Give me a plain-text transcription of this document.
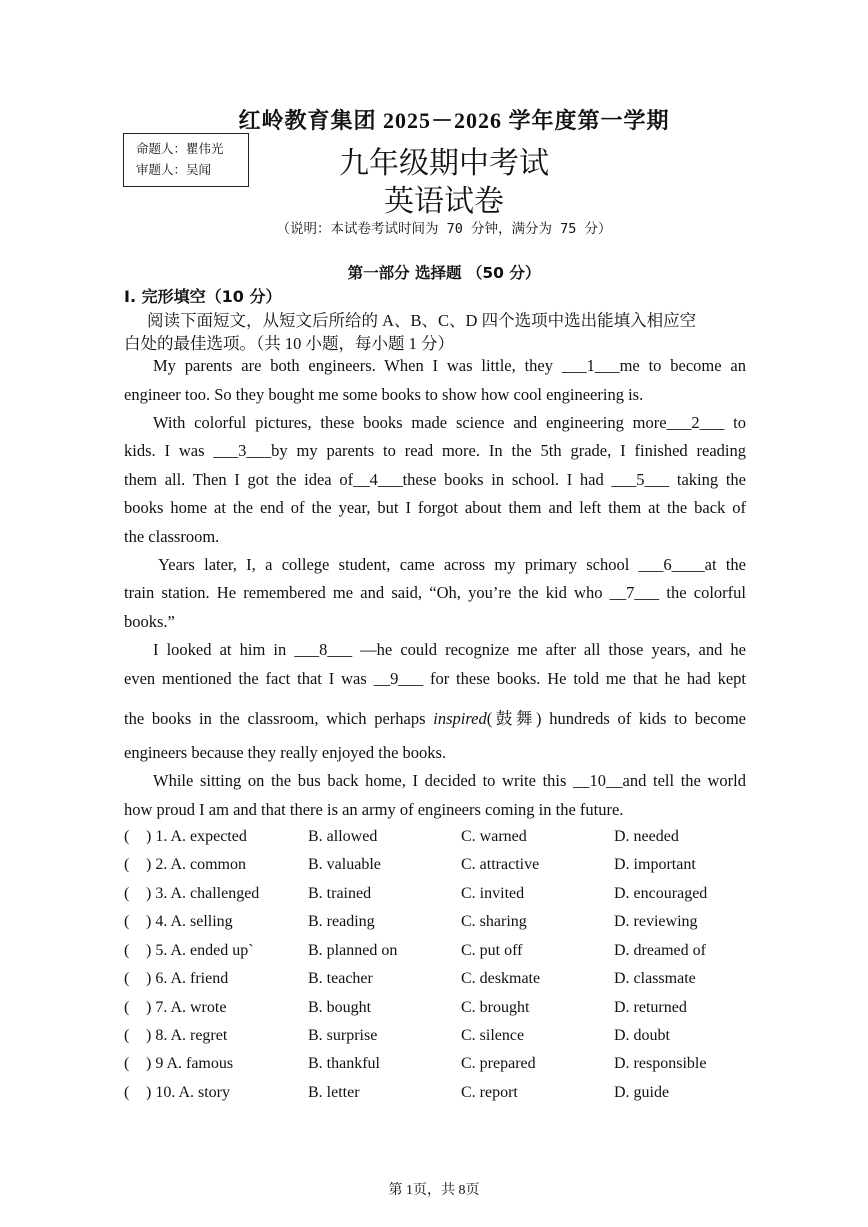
红岭教育集团 2025－2026 学年度第一学期
命题人：瞿伟光
审题人：吴闻	九年级期中考试
英语试卷
（说明：本试卷考试时间为 70 分钟，满分为 75 分）
第一部分 选择题 （50 分）
Ⅰ. 完形填空（10 分）
阅读下面短文，从短文后所给的 A、B、C、D 四个选项中选出能填入相应空
白处的最佳选项。（共 10 小题，每小题 1 分）
My parents are both engineers. When I was little, they ___1___me to become an
engineer too. So they bought me some books to show how cool engineering is.
With colorful pictures, these books made science and engineering more___2___ to
kids. I was ___3___by my parents to read more. In the 5th grade, I finished reading
them all. Then I got the idea of__4___these books in school. I had ___5___ taking the
books home at the end of the year, but I forgot about them and left them at the back of
the classroom.
Years later, I, a college student, came across my primary school ___6____at the
train station. He remembered me and said, “Oh, you’re the kid who __7___ the colorful
books.”
I looked at him in ___8___ —he could recognize me after all those years, and he
even mentioned the fact that I was __9___ for these books. He told me that he had kept
the books in the classroom, which perhaps inspired(鼓舞) hundreds of kids to become
engineers because they really enjoyed the books.
While sitting on the bus back home, I decided to write this __10__and tell the world
how proud I am and that there is an army of engineers coming in the future.
( ) 1. A. expected	B. allowed	C. warned	D. needed
( ) 2. A. common	B. valuable	C. attractive	D. important
( ) 3. A. challenged	B. trained	C. invited	D. encouraged
( ) 4. A. selling	B. reading	C. sharing	D. reviewing
( ) 5. A. ended up`	B. planned on	C. put off	D. dreamed of
( ) 6. A. friend	B. teacher	C. deskmate	D. classmate
( ) 7. A. wrote	B. bought	C. brought	D. returned
( ) 8. A. regret	B. surprise	C. silence	D. doubt
( ) 9 A. famous	B. thankful	C. prepared	D. responsible
( ) 10. A. story	B. letter	C. report	D. guide
第 1页，共 8页
